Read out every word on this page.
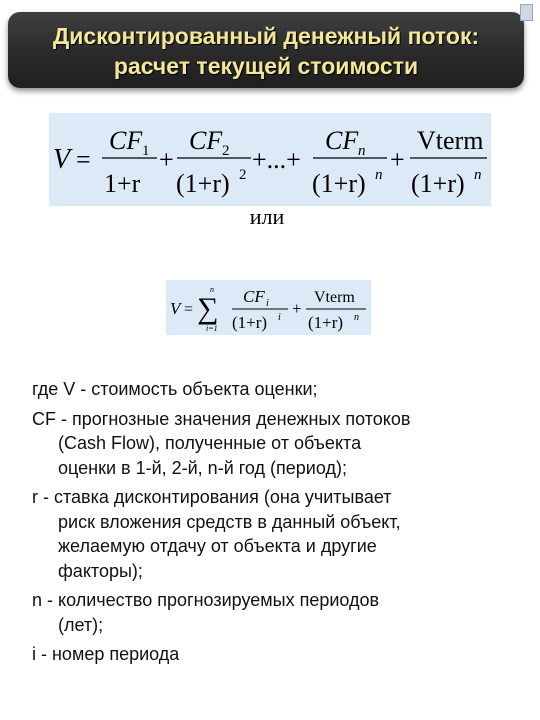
Дисконтированный денежный поток:
расчет текущей стоимости
V =
CF 1
1+r
+
CF 2
(1+r) 2
+...+
CF n
(1+r) n
+
Vterm
(1+r) n
или
V =
n
∑
i=1
CF i
(1+r) i +
Vterm
(1+r) n
где V - стоимость объекта оценки;
CF - прогнозные значения денежных потоков
(Cash Flow), полученные от объекта
оценки в 1-й, 2-й, n-й год (период);
r - ставка дисконтирования (она учитывает
риск вложения средств в данный объект,
желаемую отдачу от объекта и другие
факторы);
n - количество прогнозируемых периодов
(лет);
i - номер периода
